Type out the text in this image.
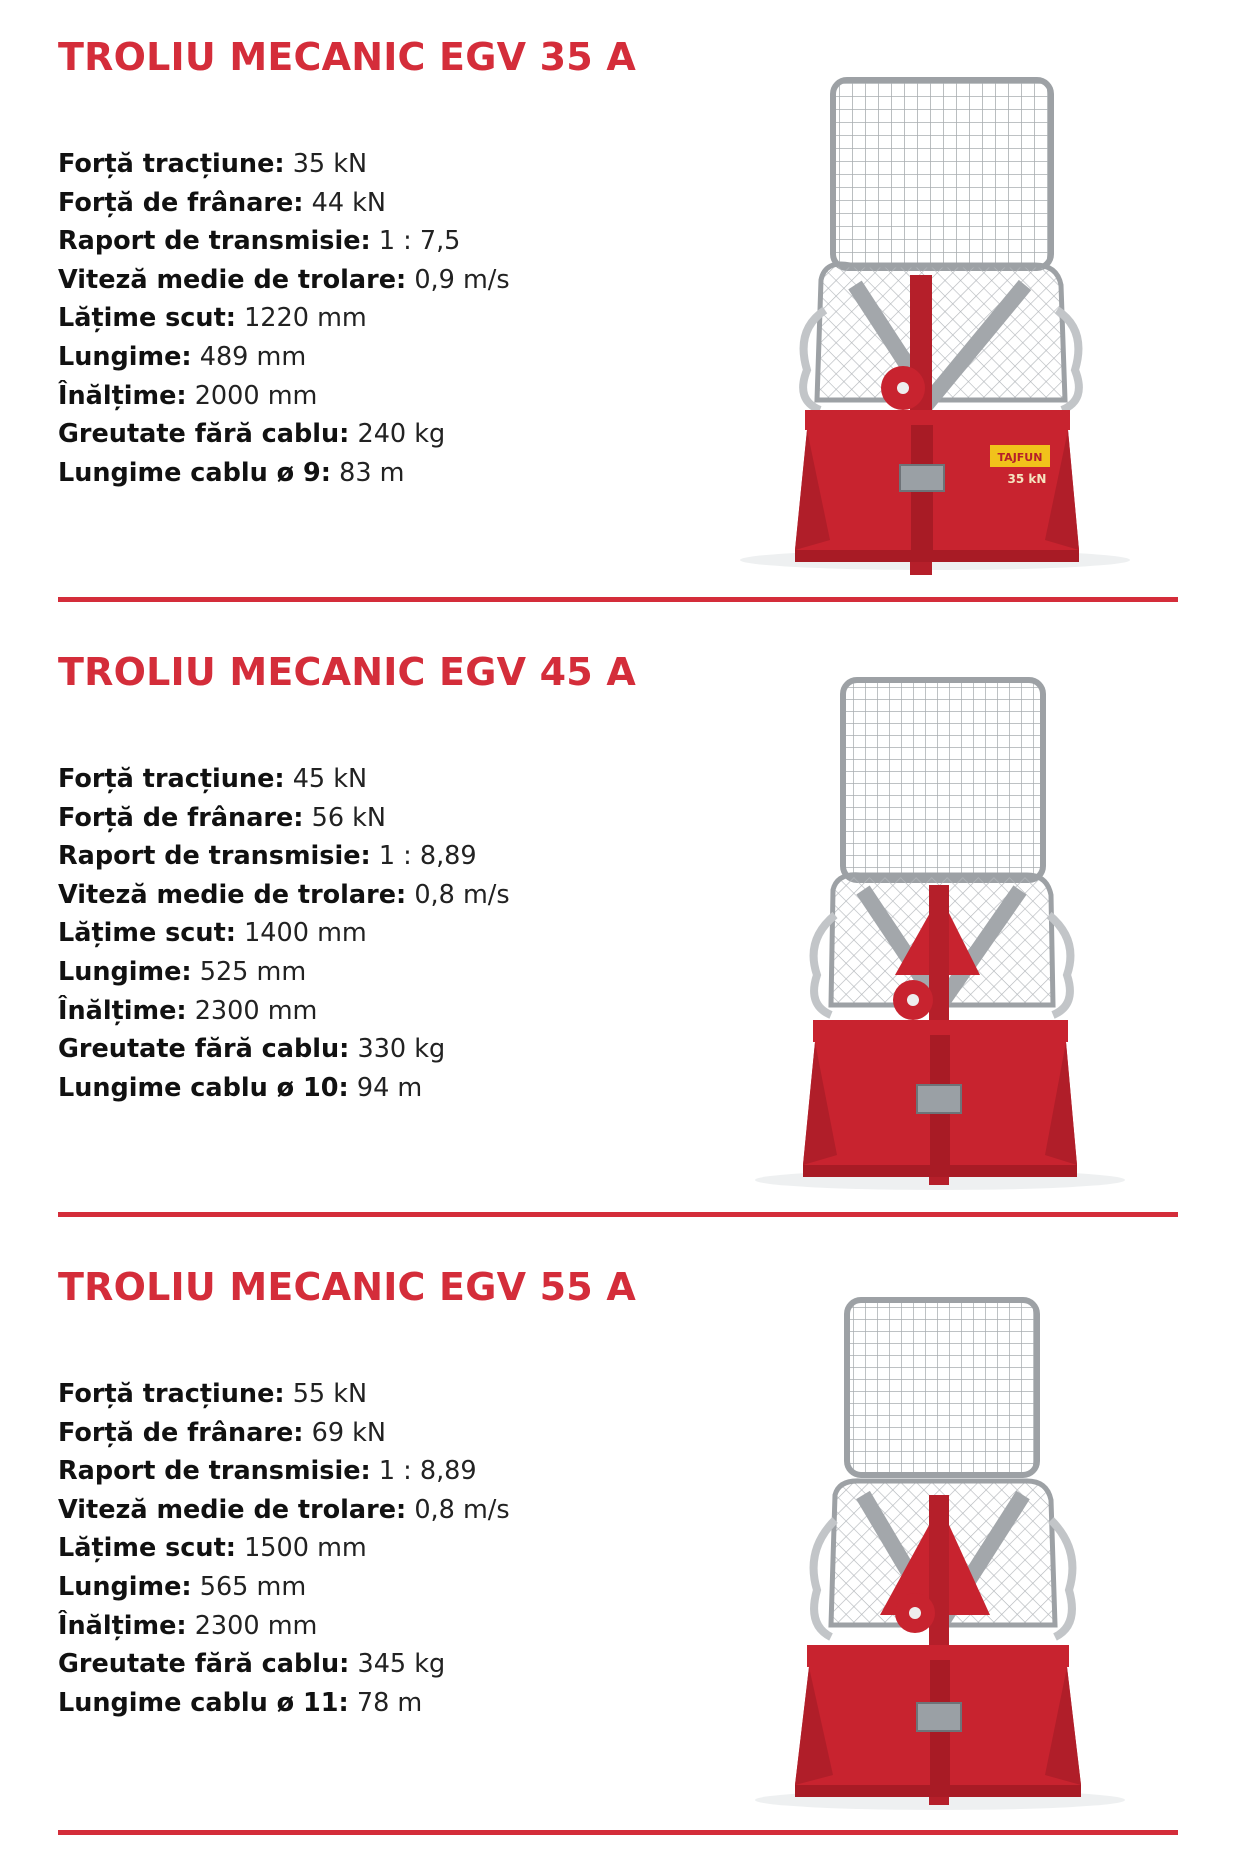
TROLIU MECANIC EGV 35 A
Forță tracțiune: 35 kN
Forță de frânare: 44 kN
Raport de transmisie: 1 : 7,5
Viteză medie de trolare: 0,9 m/s
Lățime scut: 1220 mm
Lungime: 489 mm
Înălțime: 2000 mm
Greutate fără cablu: 240 kg
Lungime cablu ø 9: 83 m
TAJFUN
35 kN
TROLIU MECANIC EGV 45 A
Forță tracțiune: 45 kN
Forță de frânare: 56 kN
Raport de transmisie: 1 : 8,89
Viteză medie de trolare: 0,8 m/s
Lățime scut: 1400 mm
Lungime: 525 mm
Înălțime: 2300 mm
Greutate fără cablu: 330 kg
Lungime cablu ø 10: 94 m
TROLIU MECANIC EGV 55 A
Forță tracțiune: 55 kN
Forță de frânare: 69 kN
Raport de transmisie: 1 : 8,89
Viteză medie de trolare: 0,8 m/s
Lățime scut: 1500 mm
Lungime: 565 mm
Înălțime: 2300 mm
Greutate fără cablu: 345 kg
Lungime cablu ø 11: 78 m
